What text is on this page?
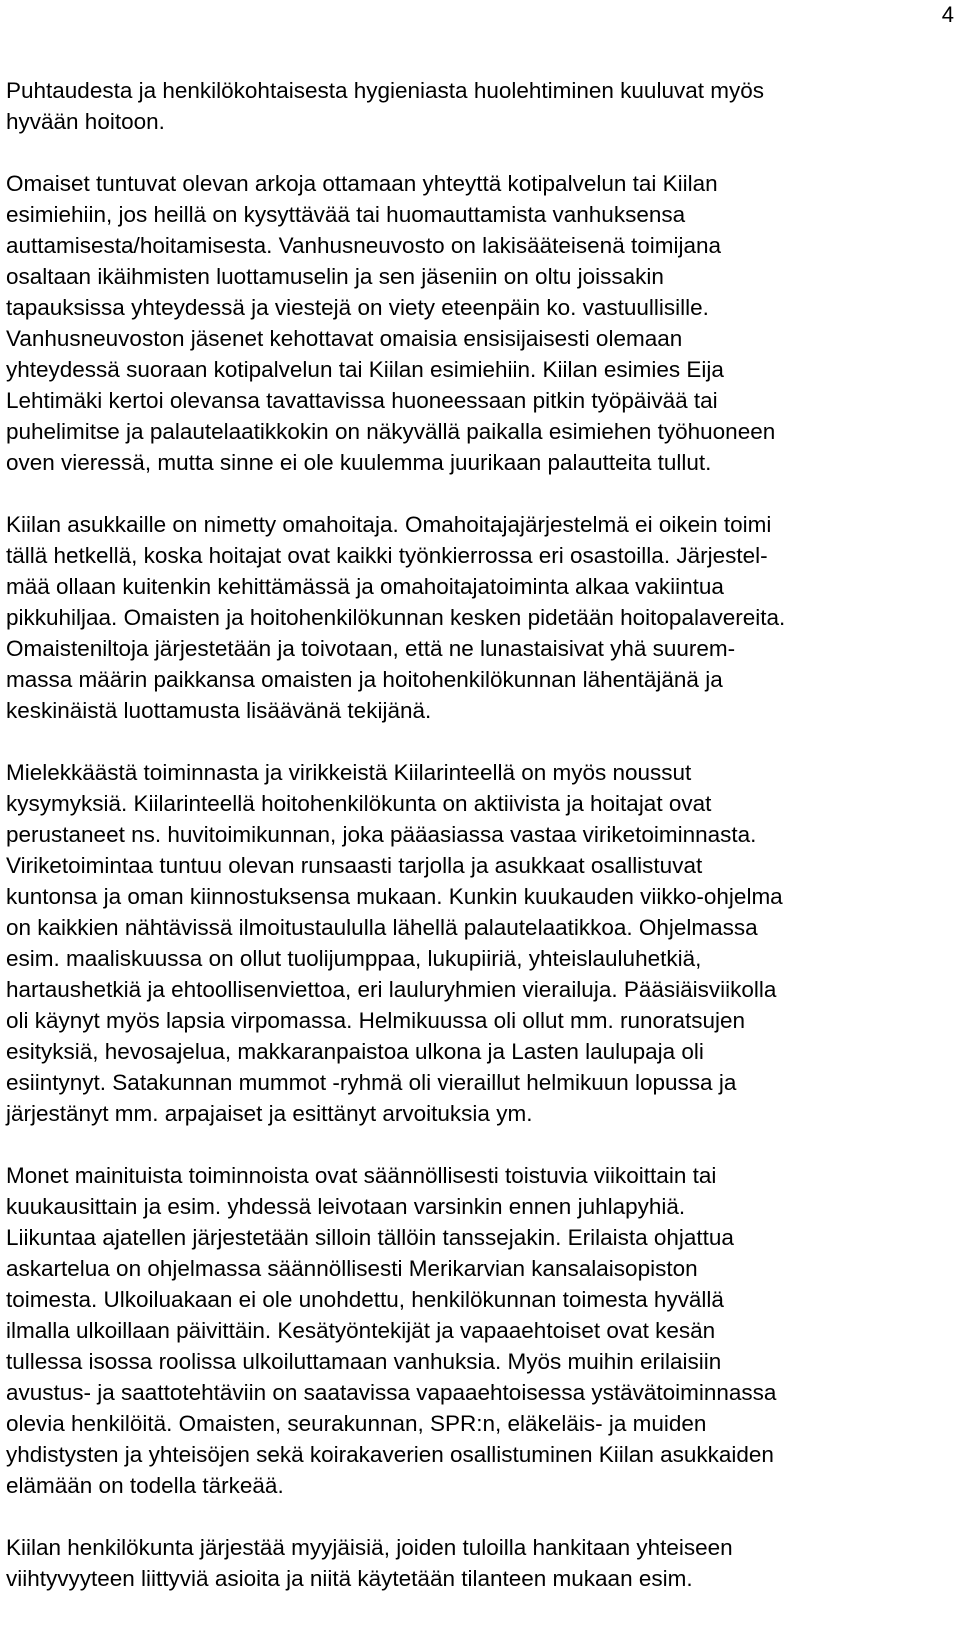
4
Puhtaudesta ja henkilökohtaisesta hygieniasta huolehtiminen kuuluvat myös
hyvään hoitoon.
Omaiset tuntuvat olevan arkoja ottamaan yhteyttä kotipalvelun tai Kiilan
esimiehiin, jos heillä on kysyttävää tai huomauttamista vanhuksensa
auttamisesta/hoitamisesta. Vanhusneuvosto on lakisääteisenä toimijana
osaltaan ikäihmisten luottamuselin ja sen jäseniin on oltu joissakin
tapauksissa yhteydessä ja viestejä on viety eteenpäin ko. vastuullisille.
Vanhusneuvoston jäsenet kehottavat omaisia ensisijaisesti olemaan
yhteydessä suoraan kotipalvelun tai Kiilan esimiehiin. Kiilan esimies Eija
Lehtimäki kertoi olevansa tavattavissa huoneessaan pitkin työpäivää tai
puhelimitse ja palautelaatikkokin on näkyvällä paikalla esimiehen työhuoneen
oven vieressä, mutta sinne ei ole kuulemma juurikaan palautteita tullut.
Kiilan asukkaille on nimetty omahoitaja. Omahoitajajärjestelmä ei oikein toimi
tällä hetkellä, koska hoitajat ovat kaikki työnkierrossa eri osastoilla. Järjestel-
mää ollaan kuitenkin kehittämässä ja omahoitajatoiminta alkaa vakiintua
pikkuhiljaa. Omaisten ja hoitohenkilökunnan kesken pidetään hoitopalavereita.
Omaisteniltoja järjestetään ja toivotaan, että ne lunastaisivat yhä suurem-
massa määrin paikkansa omaisten ja hoitohenkilökunnan lähentäjänä ja
keskinäistä luottamusta lisäävänä tekijänä.
Mielekkäästä toiminnasta ja virikkeistä Kiilarinteellä on myös noussut
kysymyksiä. Kiilarinteellä hoitohenkilökunta on aktiivista ja hoitajat ovat
perustaneet ns. huvitoimikunnan, joka pääasiassa vastaa viriketoiminnasta.
Viriketoimintaa tuntuu olevan runsaasti tarjolla ja asukkaat osallistuvat
kuntonsa ja oman kiinnostuksensa mukaan. Kunkin kuukauden viikko-ohjelma
on kaikkien nähtävissä ilmoitustaululla lähellä palautelaatikkoa. Ohjelmassa
esim. maaliskuussa on ollut tuolijumppaa, lukupiiriä, yhteislauluhetkiä,
hartaushetkiä ja ehtoollisenviettoa, eri lauluryhmien vierailuja. Pääsiäisviikolla
oli käynyt myös lapsia virpomassa. Helmikuussa oli ollut mm. runoratsujen
esityksiä, hevosajelua, makkaranpaistoa ulkona ja Lasten laulupaja oli
esiintynyt. Satakunnan mummot -ryhmä oli vieraillut helmikuun lopussa ja
järjestänyt mm. arpajaiset ja esittänyt arvoituksia ym.
Monet mainituista toiminnoista ovat säännöllisesti toistuvia viikoittain tai
kuukausittain ja esim. yhdessä leivotaan varsinkin ennen juhlapyhiä.
Liikuntaa ajatellen järjestetään silloin tällöin tanssejakin. Erilaista ohjattua
askartelua on ohjelmassa säännöllisesti Merikarvian kansalaisopiston
toimesta. Ulkoiluakaan ei ole unohdettu, henkilökunnan toimesta hyvällä
ilmalla ulkoillaan päivittäin. Kesätyöntekijät ja vapaaehtoiset ovat kesän
tullessa isossa roolissa ulkoiluttamaan vanhuksia. Myös muihin erilaisiin
avustus- ja saattotehtäviin on saatavissa vapaaehtoisessa ystävätoiminnassa
olevia henkilöitä. Omaisten, seurakunnan, SPR:n, eläkeläis- ja muiden
yhdistysten ja yhteisöjen sekä koirakaverien osallistuminen Kiilan asukkaiden
elämään on todella tärkeää.
Kiilan henkilökunta järjestää myyjäisiä, joiden tuloilla hankitaan yhteiseen
viihtyvyyteen liittyviä asioita ja niitä käytetään tilanteen mukaan esim.
